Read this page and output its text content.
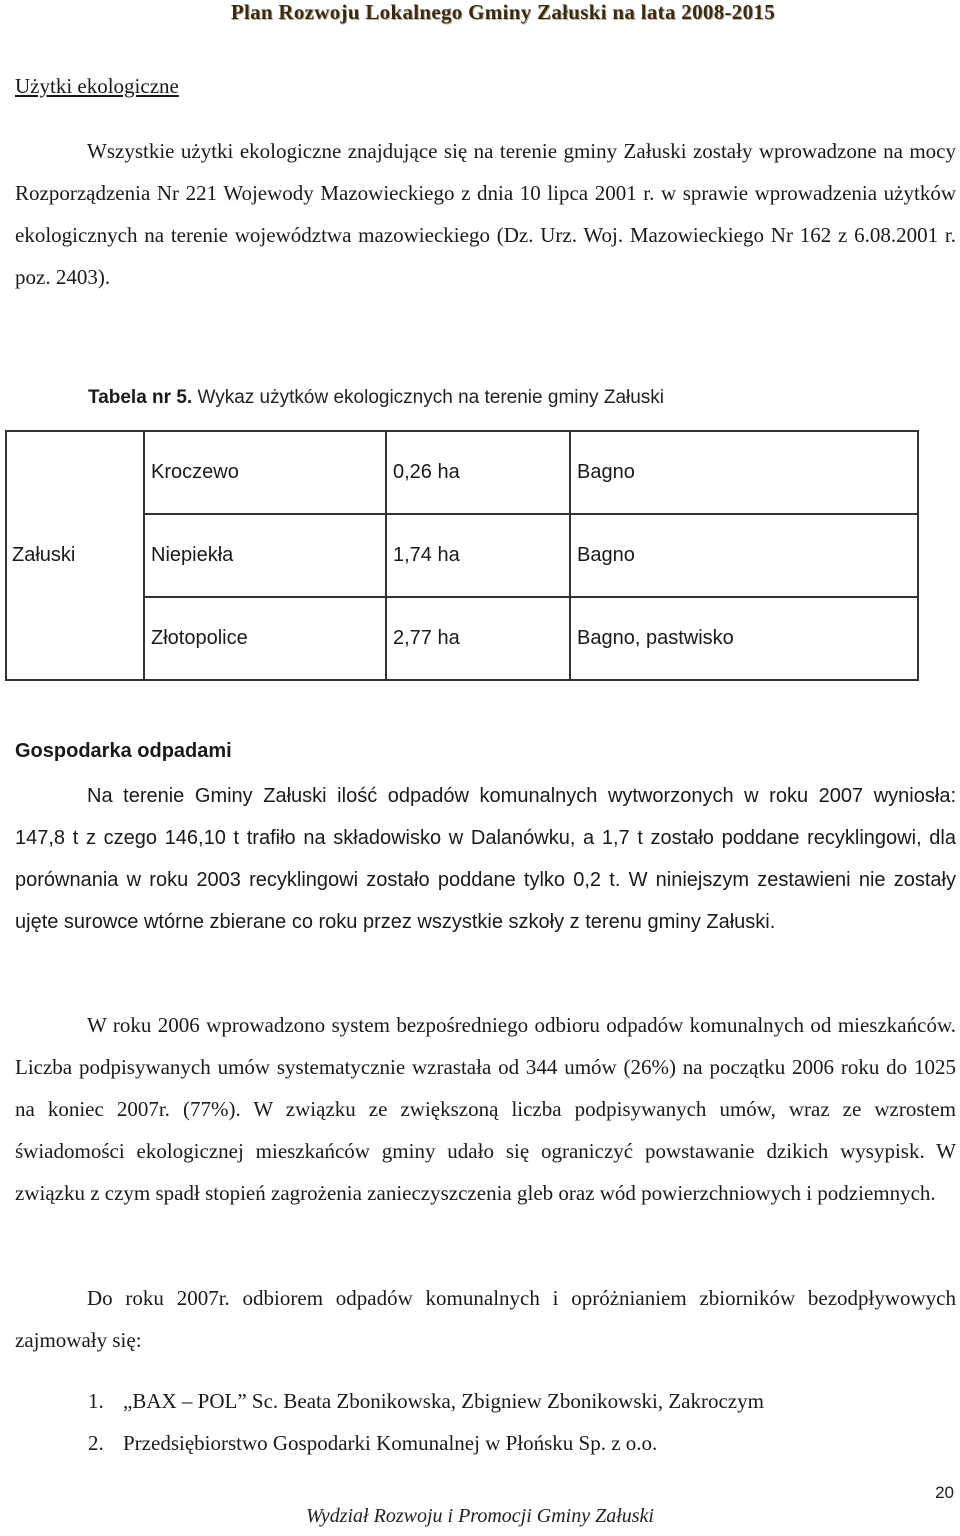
Plan Rozwoju Lokalnego Gminy Załuski na lata 2008-2015
Użytki ekologiczne
Wszystkie użytki ekologiczne znajdujące się na terenie gminy Załuski zostały wprowadzone na mocy Rozporządzenia Nr 221 Wojewody Mazowieckiego z dnia 10 lipca 2001 r. w sprawie wprowadzenia użytków ekologicznych na terenie województwa mazowieckiego (Dz. Urz. Woj. Mazowieckiego Nr 162 z 6.08.2001 r. poz. 2403).
Tabela nr 5. Wykaz użytków ekologicznych na terenie gminy Załuski
Załuski	Kroczewo	0,26 ha	Bagno
	Niepiekła	1,74 ha	Bagno
	Złotopolice	2,77 ha	Bagno, pastwisko
Gospodarka odpadami
Na terenie Gminy Załuski ilość odpadów komunalnych wytworzonych w roku 2007 wyniosła: 147,8 t z czego 146,10 t trafiło na składowisko w Dalanówku, a 1,7 t zostało poddane recyklingowi, dla porównania w roku 2003 recyklingowi zostało poddane tylko 0,2 t. W niniejszym zestawieni nie zostały ujęte surowce wtórne zbierane co roku przez wszystkie szkoły z terenu gminy Załuski.
W roku 2006 wprowadzono system bezpośredniego odbioru odpadów komunalnych od mieszkańców. Liczba podpisywanych umów systematycznie wzrastała od 344 umów (26%) na początku 2006 roku do 1025 na koniec 2007r. (77%). W związku ze zwiększoną liczba podpisywanych umów, wraz ze wzrostem świadomości ekologicznej mieszkańców gminy udało się ograniczyć powstawanie dzikich wysypisk. W związku z czym spadł stopień zagrożenia zanieczyszczenia gleb oraz wód powierzchniowych i podziemnych.
Do roku 2007r. odbiorem odpadów komunalnych i opróżnianiem zbiorników bezodpływowych zajmowały się:
1. „BAX – POL” Sc. Beata Zbonikowska, Zbigniew Zbonikowski, Zakroczym
2. Przedsiębiorstwo Gospodarki Komunalnej w Płońsku Sp. z o.o.
20
Wydział Rozwoju i Promocji Gminy Załuski
